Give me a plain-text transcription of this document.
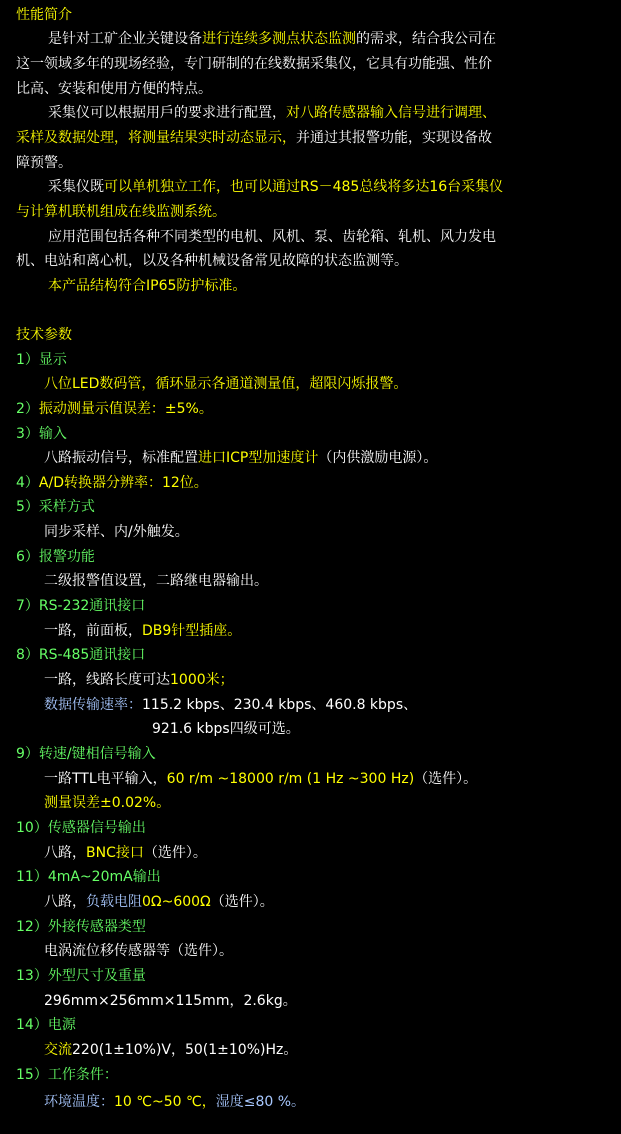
性能简介
是针对工矿企业关键设备进行连续多测点状态监测的需求，结合我公司在
这一领域多年的现场经验，专门研制的在线数据采集仪，它具有功能强、性价
比高、安装和使用方便的特点。
采集仪可以根据用戶的要求进行配置，对八路传感器输入信号进行调理、
采样及数据处理，将测量结果实时动态显示，并通过其报警功能，实现设备故
障预警。
采集仪既可以单机独立工作，也可以通过RS－485总线将多达16台采集仪
与计算机联机组成在线监测系统。
应用范围包括各种不同类型的电机、风机、泵、齿轮箱、轧机、风力发电
机、电站和离心机，以及各种机械设备常见故障的状态监测等。
本产品结构符合IP65防护标准。
技术参数
1）显示
八位LED数码管，循环显示各通道测量值，超限闪烁报警。
2）振动测量示值误差：±5%。
3）输入
八路振动信号，标准配置进口ICP型加速度计（内供激励电源）。
4）A/D转换器分辨率：12位。
5）采样方式
同步采样、内/外触发。
6）报警功能
二级报警值设置，二路继电器输出。
7）RS-232通讯接口
一路，前面板，DB9针型插座。
8）RS-485通讯接口
一路，线路长度可达1000米；
数据传输速率：115.2 kbps、230.4 kbps、460.8 kbps、
921.6 kbps四级可选。
9）转速/键相信号输入
一路TTL电平输入，60 r/m ~18000 r/m (1 Hz ~300 Hz)（选件）。
测量误差±0.02%。
10）传感器信号输出
八路，BNC接口（选件）。
11）4mA~20mA输出
八路，负载电阻0Ω~600Ω（选件）。
12）外接传感器类型
电涡流位移传感器等（选件）。
13）外型尺寸及重量
296mm×256mm×115mm，2.6kg。
14）电源
交流220(1±10%)V，50(1±10%)Hz。
15）工作条件：
环境温度：10 ℃~50 ℃，湿度≤80 %。
